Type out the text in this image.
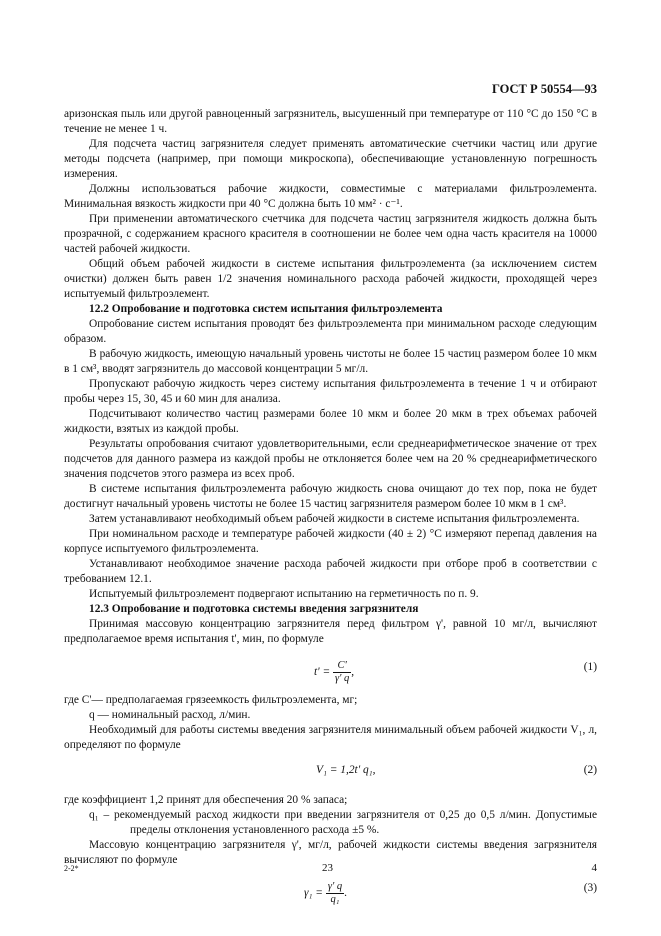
ГОСТ Р 50554—93

аризонская пыль или другой равноценный загрязнитель, высушенный при температуре от 110 °С до 150 °С в течение не менее 1 ч.

Для подсчета частиц загрязнителя следует применять автоматические счетчики частиц или другие методы подсчета (например, при помощи микроскопа), обеспечивающие установленную погрешность измерения.

Должны использоваться рабочие жидкости, совместимые с материалами фильтроэлемента. Минимальная вязкость жидкости при 40 °С должна быть 10 мм² · с⁻¹.

При применении автоматического счетчика для подсчета частиц загрязнителя жидкость должна быть прозрачной, с содержанием красного красителя в соотношении не более чем одна часть красителя на 10000 частей рабочей жидкости.

Общий объем рабочей жидкости в системе испытания фильтроэлемента (за исключением систем очистки) должен быть равен 1/2 значения номинального расхода рабочей жидкости, проходящей через испытуемый фильтроэлемент.

12.2 Опробование и подготовка систем испытания фильтроэлемента

Опробование систем испытания проводят без фильтроэлемента при минимальном расходе следующим образом.

В рабочую жидкость, имеющую начальный уровень чистоты не более 15 частиц размером более 10 мкм в 1 см³, вводят загрязнитель до массовой концентрации 5 мг/л.

Пропускают рабочую жидкость через систему испытания фильтроэлемента в течение 1 ч и отбирают пробы через 15, 30, 45 и 60 мин для анализа.

Подсчитывают количество частиц размерами более 10 мкм и более 20 мкм в трех объемах рабочей жидкости, взятых из каждой пробы.

Результаты опробования считают удовлетворительными, если среднеарифметическое значение от трех подсчетов для данного размера из каждой пробы не отклоняется более чем на 20 % среднеарифметического значения подсчетов этого размера из всех проб.

В системе испытания фильтроэлемента рабочую жидкость снова очищают до тех пор, пока не будет достигнут начальный уровень чистоты не более 15 частиц загрязнителя размером более 10 мкм в 1 см³.

Затем устанавливают необходимый объем рабочей жидкости в системе испытания фильтроэлемента.

При номинальном расходе и температуре рабочей жидкости (40 ± 2) °С измеряют перепад давления на корпусе испытуемого фильтроэлемента.

Устанавливают необходимое значение расхода рабочей жидкости при отборе проб в соответствии с требованием 12.1.

Испытуемый фильтроэлемент подвергают испытанию на герметичность по п. 9.

12.3 Опробование и подготовка системы введения загрязнителя

Принимая массовую концентрацию загрязнителя перед фильтром γ', равной 10 мг/л, вычисляют предполагаемое время испытания t', мин, по формуле

$t' = \frac{C'}{\gamma' q}$ ,	(1)

где C'— предполагаемая грязеемкость фильтроэлемента, мг;

q — номинальный расход, л/мин.

Необходимый для работы системы введения загрязнителя минимальный объем рабочей жидкости V₁, л, определяют по формуле

V₁ = 1,2t' q₁,	(2)

где коэффициент 1,2 принят для обеспечения 20 % запаса;

q₁ – рекомендуемый расход жидкости при введении загрязнителя от 0,25 до 0,5 л/мин. Допустимые пределы отклонения установленного расхода ±5 %.

Массовую концентрацию загрязнителя γ', мг/л, рабочей жидкости системы введения загрязнителя вычисляют по формуле

$\gamma_1 = \frac{\gamma' q}{\text{q₁}}$ .	(3)
2-2*	23	4
